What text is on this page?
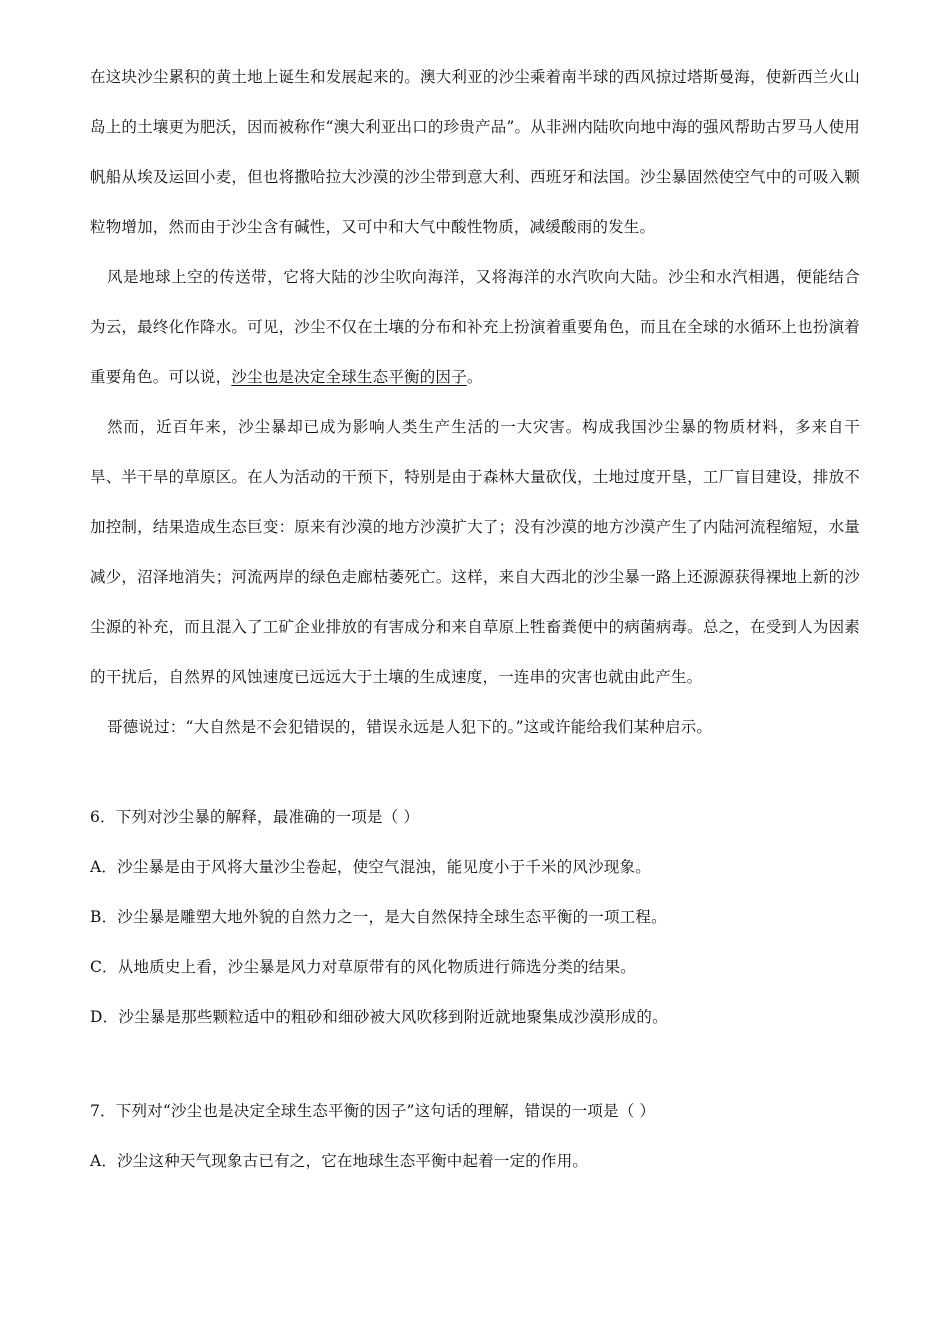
在这块沙尘累积的黄土地上诞生和发展起来的。澳大利亚的沙尘乘着南半球的西风掠过塔斯曼海，使新西兰火山岛上的土壤更为肥沃，因而被称作“澳大利亚出口的珍贵产品”。从非洲内陆吹向地中海的强风帮助古罗马人使用帆船从埃及运回小麦，但也将撒哈拉大沙漠的沙尘带到意大利、西班牙和法国。沙尘暴固然使空气中的可吸入颗粒物增加，然而由于沙尘含有碱性，又可中和大气中酸性物质，减缓酸雨的发生。

风是地球上空的传送带，它将大陆的沙尘吹向海洋，又将海洋的水汽吹向大陆。沙尘和水汽相遇，便能结合为云，最终化作降水。可见，沙尘不仅在土壤的分布和补充上扮演着重要角色，而且在全球的水循环上也扮演着重要角色。可以说，沙尘也是决定全球生态平衡的因子。

然而，近百年来，沙尘暴却已成为影响人类生产生活的一大灾害。构成我国沙尘暴的物质材料，多来自干旱、半干旱的草原区。在人为活动的干预下，特别是由于森林大量砍伐，土地过度开垦，工厂盲目建设，排放不加控制，结果造成生态巨变：原来有沙漠的地方沙漠扩大了；没有沙漠的地方沙漠产生了内陆河流程缩短，水量减少，沼泽地消失；河流两岸的绿色走廊枯萎死亡。这样，来自大西北的沙尘暴一路上还源源获得裸地上新的沙尘源的补充，而且混入了工矿企业排放的有害成分和来自草原上牲畜粪便中的病菌病毒。总之，在受到人为因素的干扰后，自然界的风蚀速度已远远大于土壤的生成速度，一连串的灾害也就由此产生。

哥德说过：“大自然是不会犯错误的，错误永远是人犯下的。”这或许能给我们某种启示。

6．下列对沙尘暴的解释，最准确的一项是（ ）

A．沙尘暴是由于风将大量沙尘卷起，使空气混浊，能见度小于千米的风沙现象。

B．沙尘暴是雕塑大地外貌的自然力之一，是大自然保持全球生态平衡的一项工程。

C．从地质史上看，沙尘暴是风力对草原带有的风化物质进行筛选分类的结果。

D．沙尘暴是那些颗粒适中的粗砂和细砂被大风吹移到附近就地聚集成沙漠形成的。

7．下列对“沙尘也是决定全球生态平衡的因子”这句话的理解，错误的一项是（ ）

A．沙尘这种天气现象古已有之，它在地球生态平衡中起着一定的作用。
